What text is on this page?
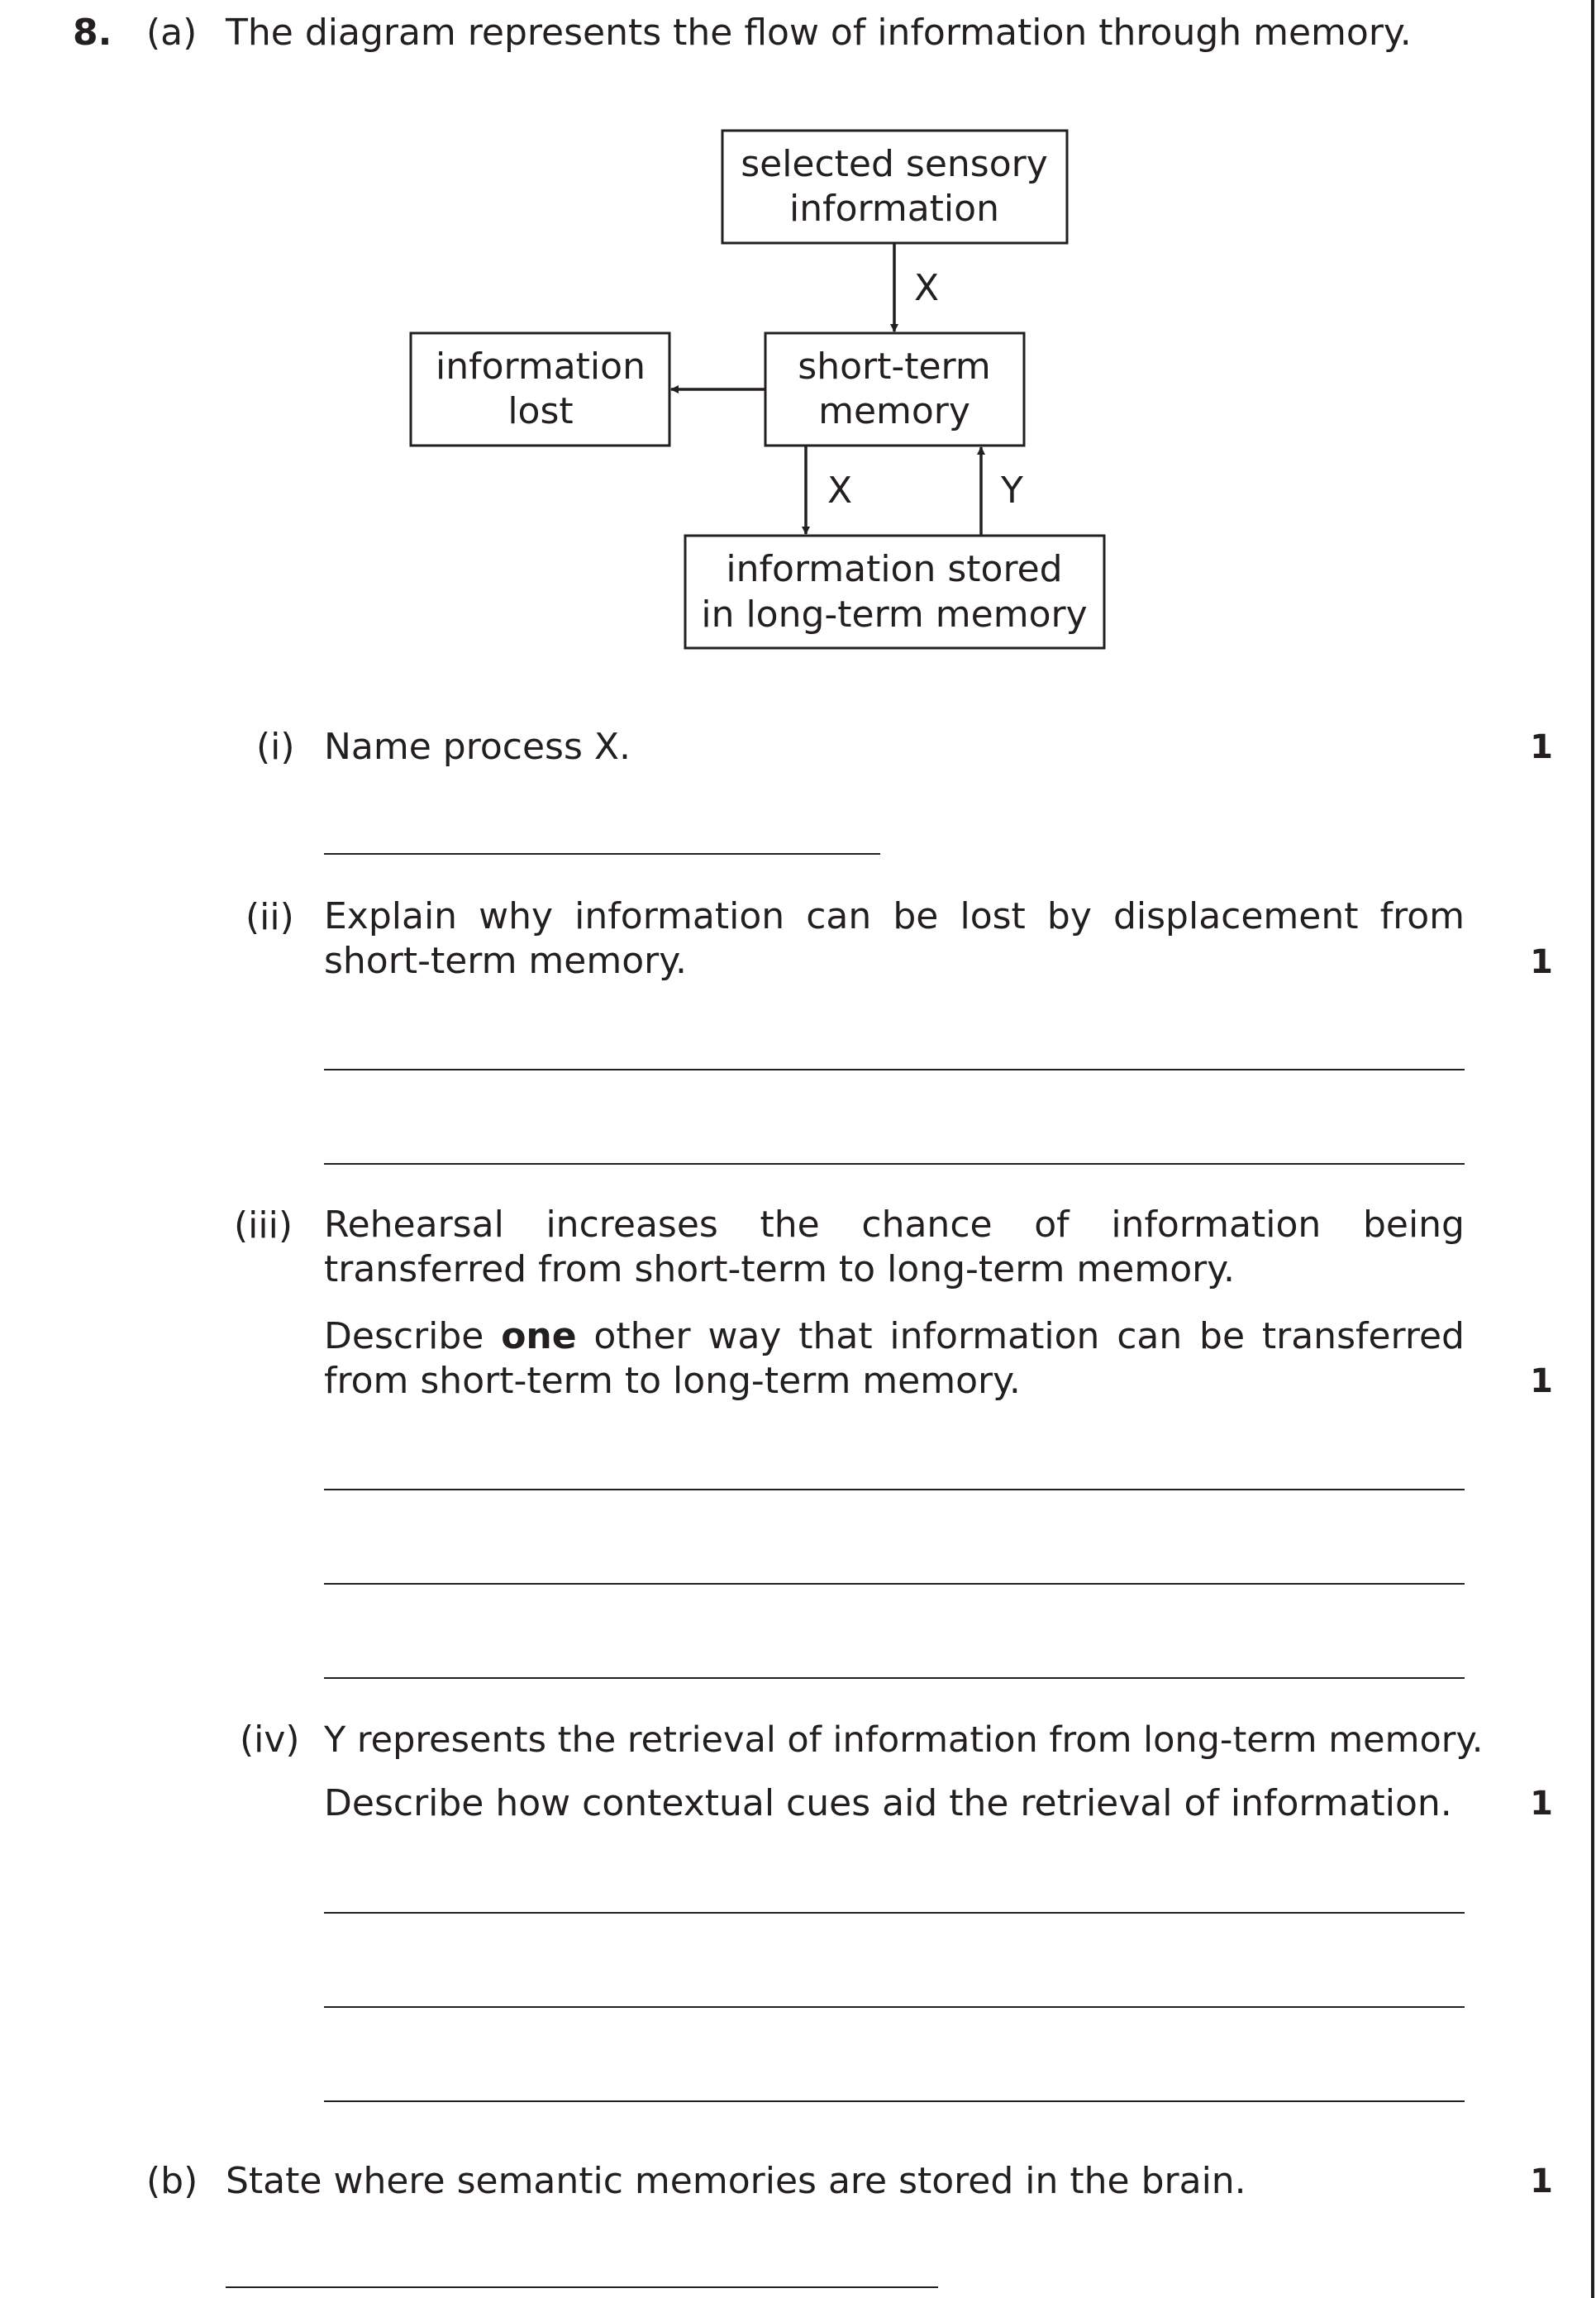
8. (a) The diagram represents the flow of information through memory.
selected sensory
information
information
lost
short-term
memory
information stored
in long-term memory
X
X	Y
(i) Name process X.	1
(ii) Explain why information can be lost by displacement from short-term memory.	1
(iii) Rehearsal increases the chance of information being transferred from short-term to long-term memory.
Describe one other way that information can be transferred from short-term to long-term memory.	1
(iv) Y represents the retrieval of information from long-term memory.
Describe how contextual cues aid the retrieval of information. 1
(b) State where semantic memories are stored in the brain.	1
